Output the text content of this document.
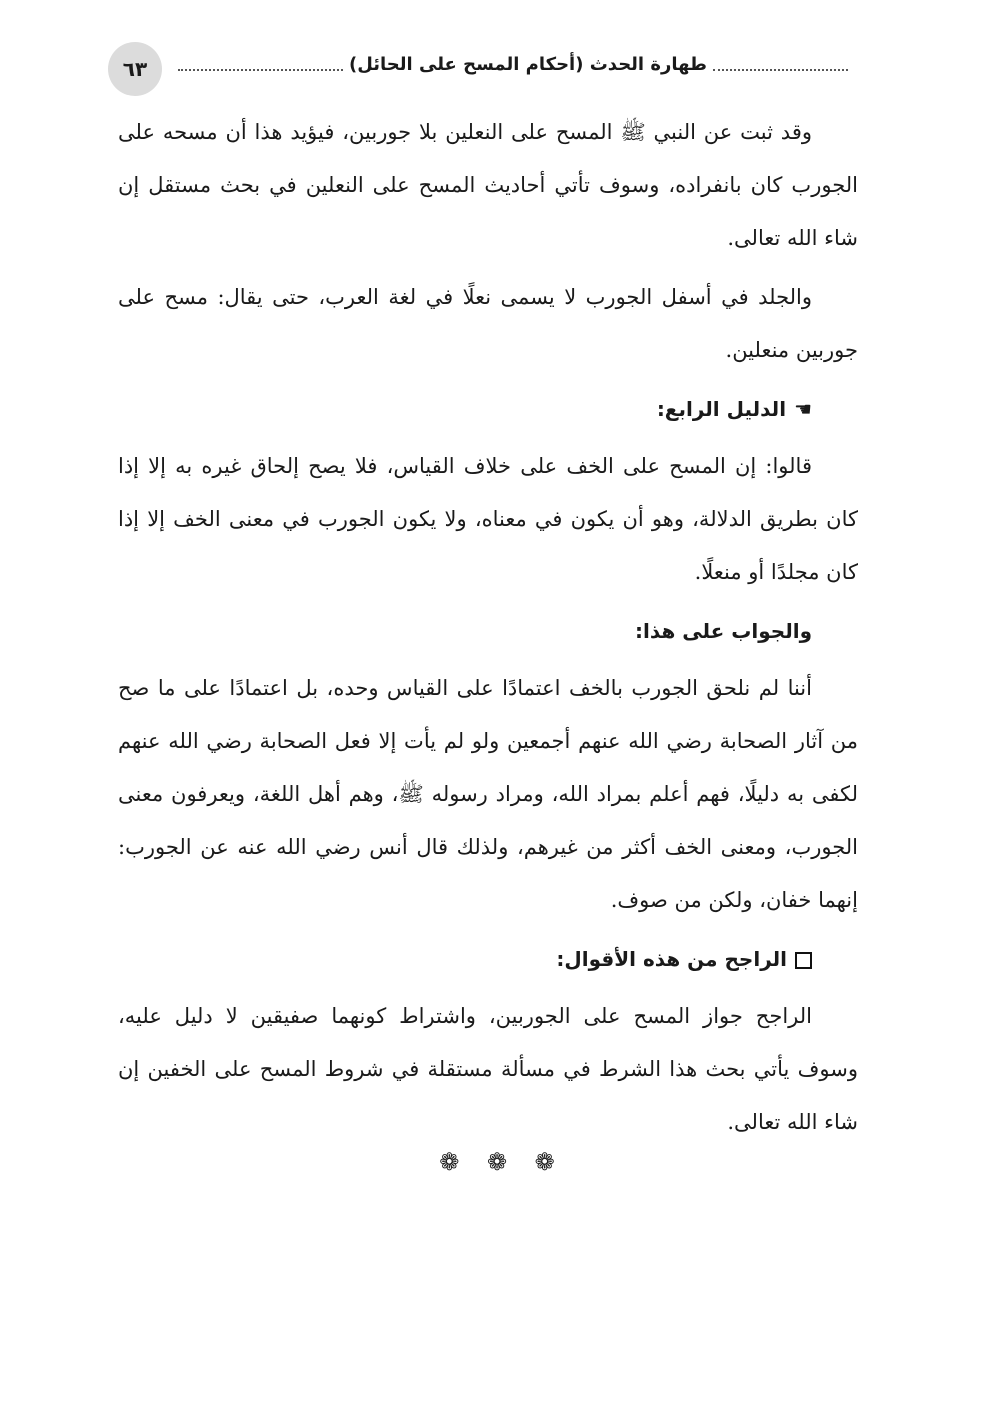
٦٣	طهارة الحدث (أحكام المسح على الحائل)

وقد ثبت عن النبي ﷺ المسح على النعلين بلا جوربين، فيؤيد هذا أن مسحه على الجورب كان بانفراده، وسوف تأتي أحاديث المسح على النعلين في بحث مستقل إن شاء الله تعالى.

والجلد في أسفل الجورب لا يسمى نعلًا في لغة العرب، حتى يقال: مسح على جوربين منعلين.

☚الدليل الرابع:

قالوا: إن المسح على الخف على خلاف القياس، فلا يصح إلحاق غيره به إلا إذا كان بطريق الدلالة، وهو أن يكون في معناه، ولا يكون الجورب في معنى الخف إلا إذا كان مجلدًا أو منعلًا.

والجواب على هذا:

أننا لم نلحق الجورب بالخف اعتمادًا على القياس وحده، بل اعتمادًا على ما صح من آثار الصحابة رضي الله عنهم أجمعين ولو لم يأت إلا فعل الصحابة رضي الله عنهم لكفى به دليلًا، فهم أعلم بمراد الله، ومراد رسوله ﷺ، وهم أهل اللغة، ويعرفون معنى الجورب، ومعنى الخف أكثر من غيرهم، ولذلك قال أنس رضي الله عنه عن الجورب: إنهما خفان، ولكن من صوف.

الراجح من هذه الأقوال:

الراجح جواز المسح على الجوربين، واشتراط كونهما صفيقين لا دليل عليه، وسوف يأتي بحث هذا الشرط في مسألة مستقلة في شروط المسح على الخفين إن شاء الله تعالى.

❁ ❁ ❁
